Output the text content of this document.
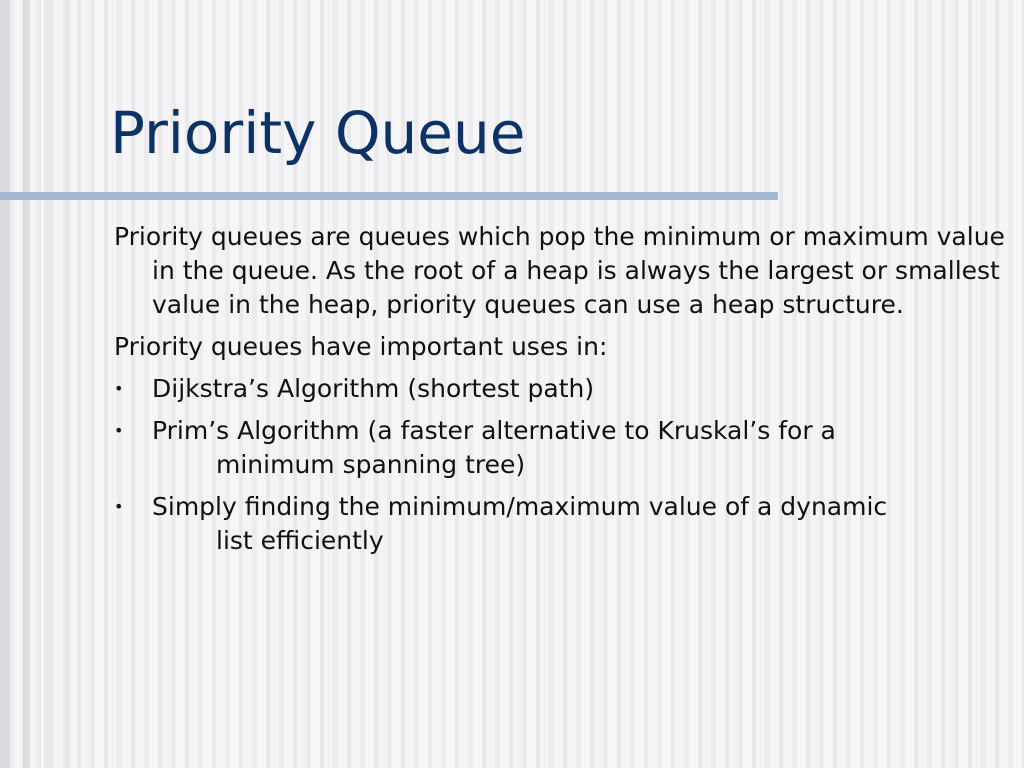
Priority Queue

Priority queues are queues which pop the minimum or maximum value in the queue. As the root of a heap is always the largest or smallest value in the heap, priority queues can use a heap structure.

Priority queues have important uses in:

• Dijkstra’s Algorithm (shortest path)
• Prim’s Algorithm (a faster alternative to Kruskal’s for a
minimum spanning tree)
• Simply finding the minimum/maximum value of a dynamic
list efficiently
